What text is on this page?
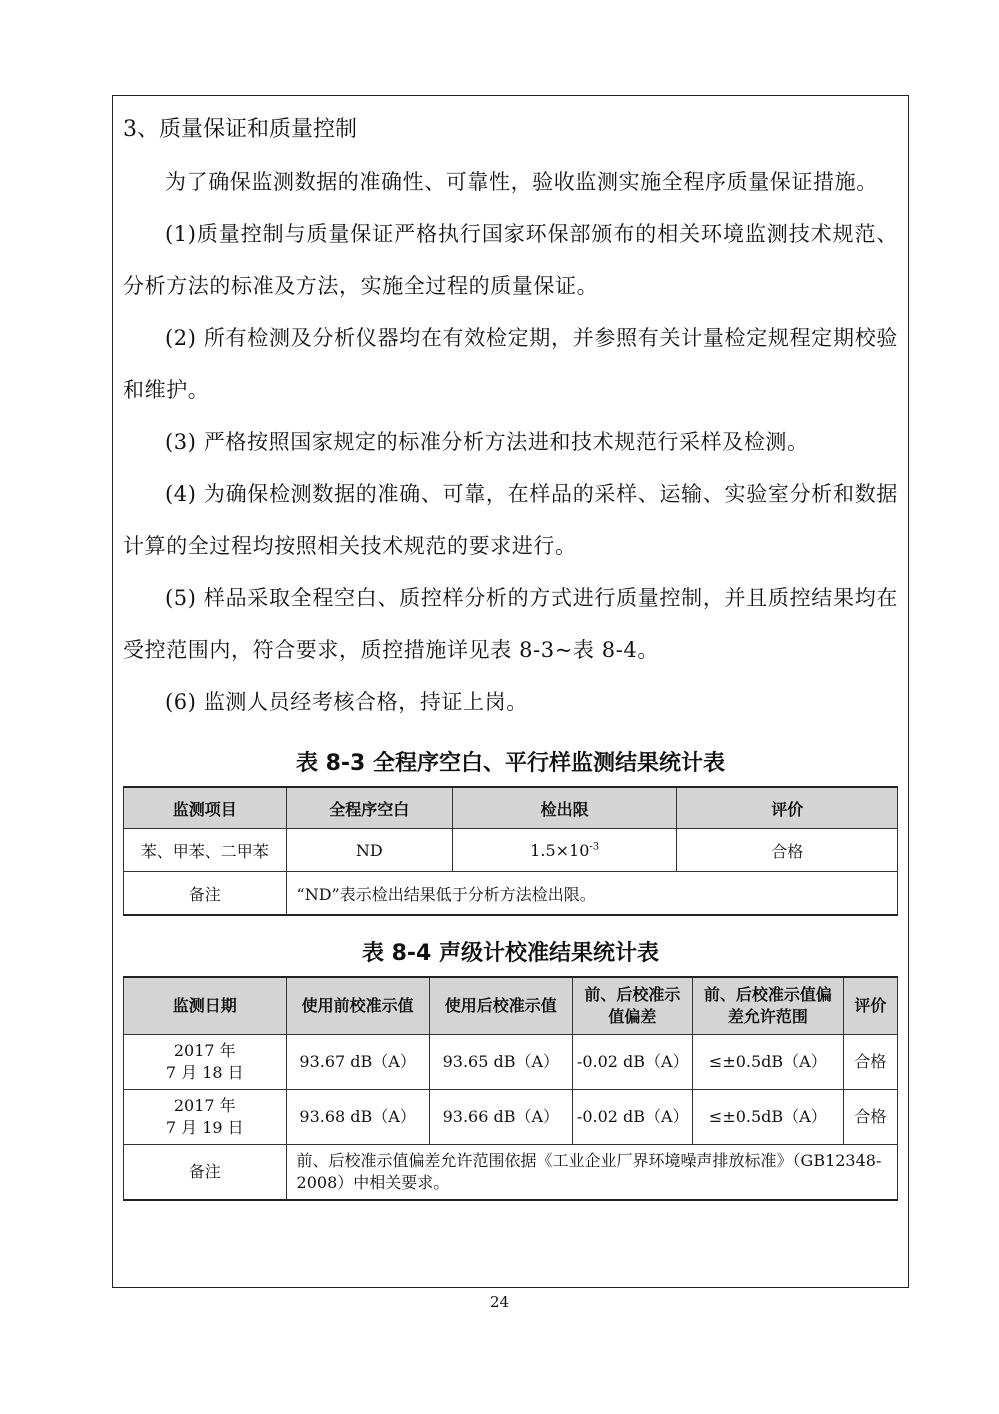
3、质量保证和质量控制

为了确保监测数据的准确性、可靠性，验收监测实施全程序质量保证措施。

(1)质量控制与质量保证严格执行国家环保部颁布的相关环境监测技术规范、分析方法的标准及方法，实施全过程的质量保证。

(2) 所有检测及分析仪器均在有效检定期，并参照有关计量检定规程定期校验和维护。

(3) 严格按照国家规定的标准分析方法进和技术规范行采样及检测。

(4) 为确保检测数据的准确、可靠，在样品的采样、运输、实验室分析和数据计算的全过程均按照相关技术规范的要求进行。

(5) 样品采取全程空白、质控样分析的方式进行质量控制，并且质控结果均在受控范围内，符合要求，质控措施详见表 8-3~表 8-4。

(6) 监测人员经考核合格，持证上岗。

表 8-3 全程序空白、平行样监测结果统计表
监测项目	全程序空白	检出限	评价
苯、甲苯、二甲苯	ND	$1.5\times 10^{-3}$	合格
备注	“ND”表示检出结果低于分析方法检出限。		
表 8-4 声级计校准结果统计表
监测日期	使用前校准示值	使用后校准示值	前、后校准示值偏差	前、后校准示值偏差允许范围	评价

2017 年
7 月 18 日	93.67 dB（A）	93.65 dB（A）	-0.02 dB（A）	≤±0.5dB（A）	合格

2017 年
7 月 19 日	93.68 dB（A）	93.66 dB（A）	-0.02 dB（A）	≤±0.5dB（A）	合格
备注	前、后校准示值偏差允许范围依据《工业企业厂界环境噪声排放标准》（GB12348-2008）中相关要求。				
24
